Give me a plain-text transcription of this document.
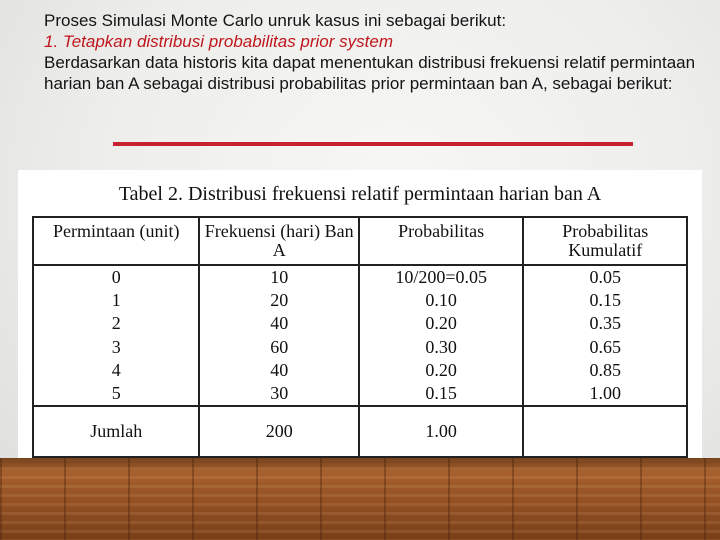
Proses Simulasi Monte Carlo unruk kasus ini sebagai berikut:
1. Tetapkan distribusi probabilitas prior system
Berdasarkan data historis kita dapat menentukan distribusi frekuensi relatif permintaan harian ban A sebagai distribusi probabilitas prior permintaan ban A, sebagai berikut:
Tabel 2. Distribusi frekuensi relatif permintaan harian ban A
Permintaan (unit)	Frekuensi (hari) Ban A	Probabilitas	Probabilitas Kumulatif
0	10	10/200=0.05	0.05
1	20	0.10	0.15
2	40	0.20	0.35
3	60	0.30	0.65
4	40	0.20	0.85
5	30	0.15	1.00
Jumlah	200	1.00	
